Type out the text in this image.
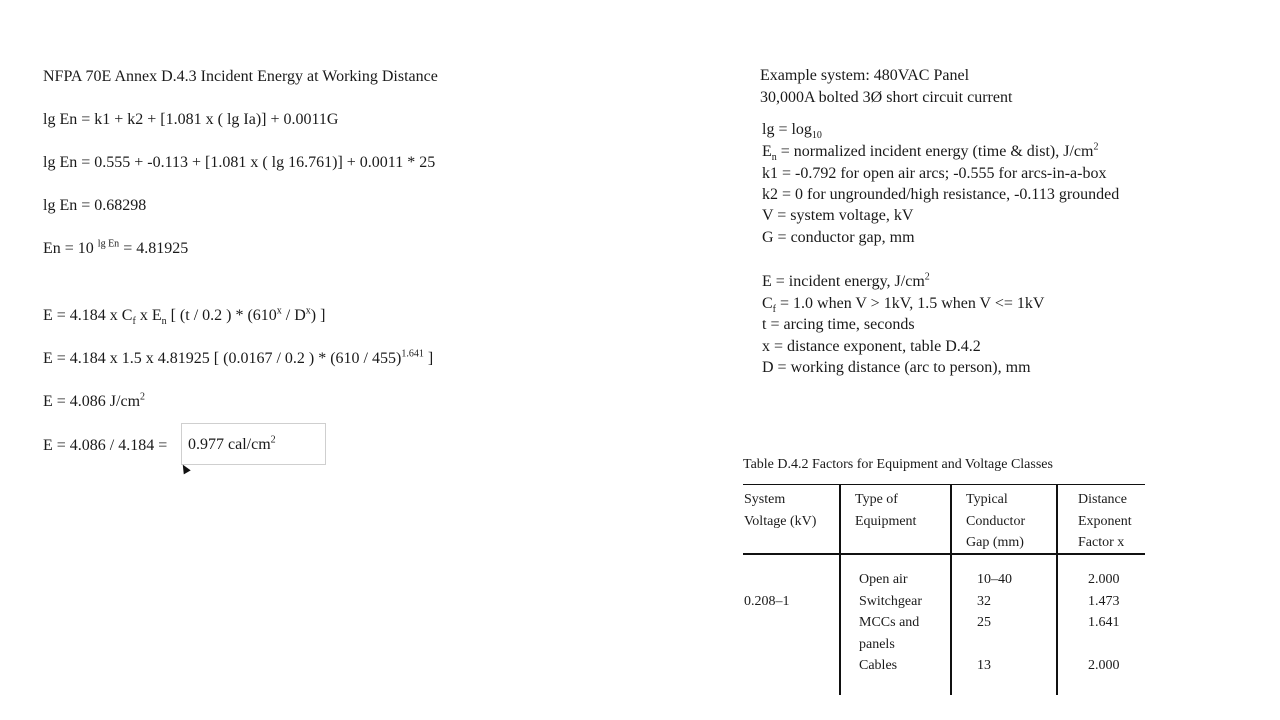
NFPA 70E Annex D.4.3 Incident Energy at Working Distance
lg En = k1 + k2 + [1.081 x ( lg Ia)] + 0.0011G
lg En = 0.555 + -0.113 + [1.081 x ( lg 16.761)] + 0.0011 * 25
lg En = 0.68298
En = 10 $^{lg En}$ = 4.81925
E = 4.184 x $C_f$ x $E_n$ [ (t / 0.2 ) * $(610^x / D^x)$ ]
E = 4.184 x 1.5 x 4.81925 [ (0.0167 / 0.2 ) * (610 / 455)$^{1.641}$ ]
E = 4.086 $J/cm^2$
E = 4.086 / 4.184 = 0.977 cal/$cm^2$
Example system: 480VAC Panel
30,000A bolted 3Ø short circuit current
$\lg = \log_{10}$
$E_n$ = normalized incident energy (time & dist), $J/cm^2$
k1 = -0.792 for open air arcs; -0.555 for arcs-in-a-box
k2 = 0 for ungrounded/high resistance, -0.113 grounded
V = system voltage, kV
G = conductor gap, mm
E = incident energy, $J/cm^2$
$C_f = 1.0$ when V > 1kV, 1.5 when V <= 1kV
t = arcing time, seconds
x = distance exponent, table D.4.2
D = working distance (arc to person), mm
Table D.4.2 Factors for Equipment and Voltage Classes
System
Voltage (kV)
Type of
Equipment
Typical
Conductor
Gap (mm)
Distance
Exponent
Factor x
0.208–1
Open air
Switchgear
MCCs and
panels
Cables
10–40
32
25
13
2.000
1.473
1.641
2.000
